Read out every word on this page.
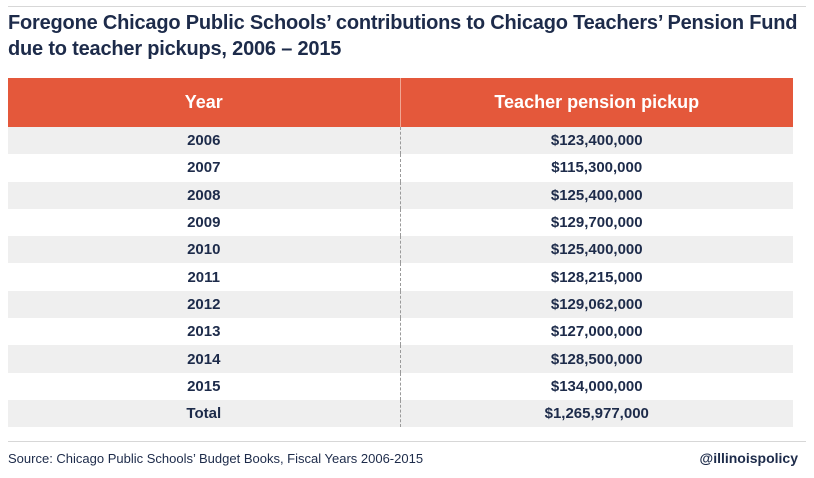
Foregone Chicago Public Schools’ contributions to Chicago Teachers’ Pension Fund due to teacher pickups, 2006 – 2015
Year	Teacher pension pickup
2006	$123,400,000
2007	$115,300,000
2008	$125,400,000
2009	$129,700,000
2010	$125,400,000
2011	$128,215,000
2012	$129,062,000
2013	$127,000,000
2014	$128,500,000
2015	$134,000,000
Total	$1,265,977,000
Source: Chicago Public Schools’ Budget Books, Fiscal Years 2006-2015	@illinoispolicy
